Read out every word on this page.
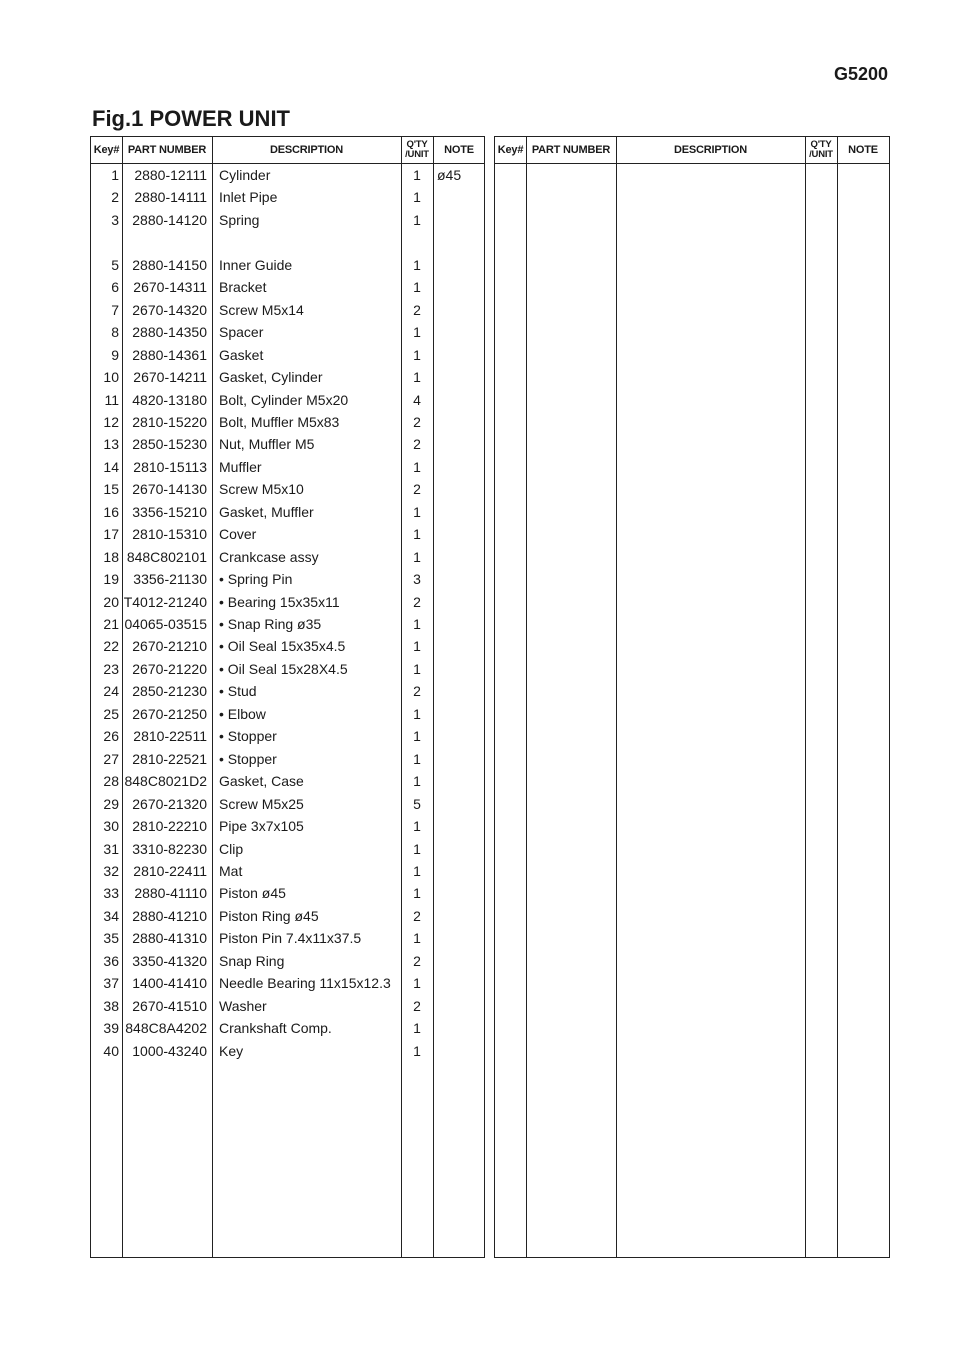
G5200
Fig.1 POWER UNIT
Key# PART NUMBER	DESCRIPTION	Q'TY
/UNIT	NOTE
1	2880-12111 Cylinder	1	ø45
2	2880-14111 Inlet Pipe	1
3 2880-14120 Spring	1
5 2880-14150 Inner Guide	1
6	2670-14311 Bracket	1
7 2670-14320 Screw M5x14	2
8 2880-14350 Spacer	1
9 2880-14361 Gasket	1
10	2670-14211 Gasket, Cylinder	1
11 4820-13180 Bolt, Cylinder M5x20	4
12 2810-15220 Bolt, Muffler M5x83	2
13 2850-15230 Nut, Muffler M5	2
14	2810-15113 Muffler	1
15 2670-14130 Screw M5x10	2
16 3356-15210 Gasket, Muffler	1
17 2810-15310 Cover	1
18 848C802101 Crankcase assy	1
19	3356-21130 • Spring Pin	3
20 T4012-21240 • Bearing 15x35x11	2
21 04065-03515 • Snap Ring ø35	1
22 2670-21210 • Oil Seal 15x35x4.5	1
23 2670-21220 • Oil Seal 15x28X4.5	1
24 2850-21230 • Stud	2
25 2670-21250 • Elbow	1
26	2810-22511 • Stopper	1
27 2810-22521 • Stopper	1
28 848C8021D2 Gasket, Case	1
29 2670-21320 Screw M5x25	5
30 2810-22210 Pipe 3x7x105	1
31 3310-82230 Clip	1
32	2810-22411 Mat	1
33	2880-41110 Piston ø45	1
34 2880-41210 Piston Ring ø45	2
35 2880-41310 Piston Pin 7.4x11x37.5	1
36 3350-41320 Snap Ring	2
37 1400-41410 Needle Bearing 11x15x12.3	1
38 2670-41510 Washer	2
39 848C8A4202 Crankshaft Comp.	1
40 1000-43240 Key	1
Key# PART NUMBER	DESCRIPTION	Q'TY
/UNIT	NOTE
